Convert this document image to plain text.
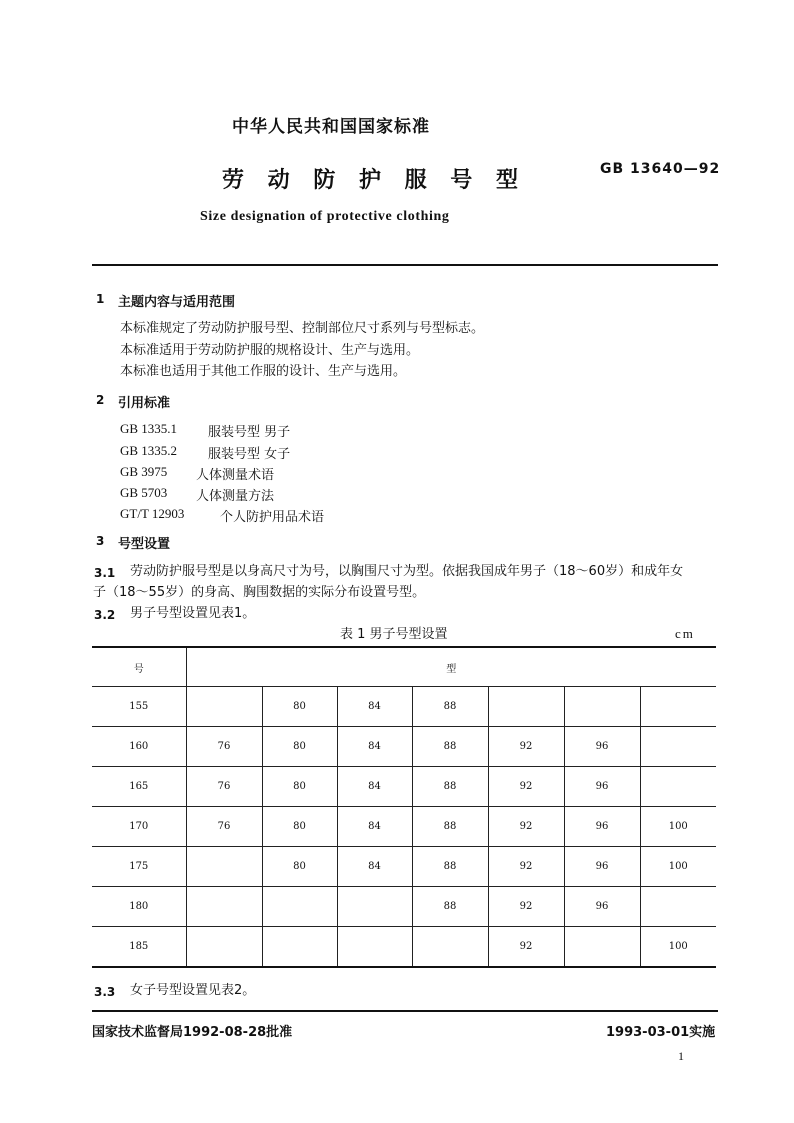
中华人民共和国国家标准
劳 动 防 护 服 号 型	GB 13640—92
Size designation of protective clothing
1 主题内容与适用范围
本标准规定了劳动防护服号型、控制部位尺寸系列与号型标志。
本标准适用于劳动防护服的规格设计、生产与选用。
本标准也适用于其他工作服的设计、生产与选用。
2 引用标准
GB 1335.1 服装号型 男子
GB 1335.2 服装号型 女子
GB 3975 人体测量术语
GB 5703 人体测量方法
GT/T 12903	个人防护用品术语
3 号型设置
3.1 劳动防护服号型是以身高尺寸为号，以胸围尺寸为型。依据我国成年男子（18～60岁）和成年女
子（18～55岁）的身高、胸围数据的实际分布设置号型。
3.2 男子号型设置见表1。
表 1 男子号型设置	cm
号	型						
155		80	84	88			
160	76	80	84	88	92	96	
165	76	80	84	88	92	96	
170	76	80	84	88	92	96	100
175		80	84	88	92	96	100
180				88	92	96	
185					92		100
3.3 女子号型设置见表2。
国家技术监督局1992-08-28批准	1993-03-01实施
1
